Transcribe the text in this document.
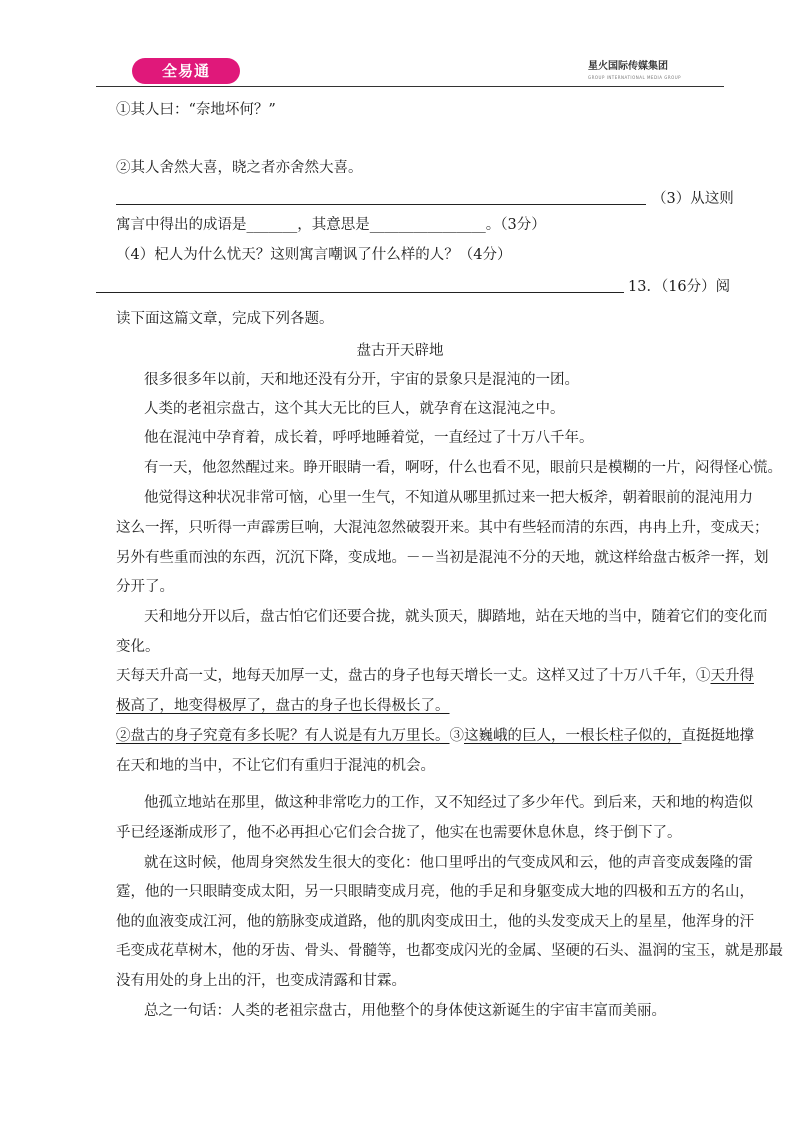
全易通	星火国际传媒集团
GROUP INTERNATIONAL MEDIA GROUP
①其人曰：“奈地坏何？”
②其人舍然大喜，晓之者亦舍然大喜。
（3）从这则
寓言中得出的成语是_______，其意思是________________。（3分）
（4）杞人为什么忧天？这则寓言嘲讽了什么样的人？（4分）
13．（16分）阅
读下面这篇文章，完成下列各题。
盘古开天辟地
很多很多年以前，天和地还没有分开，宇宙的景象只是混沌的一团。
人类的老祖宗盘古，这个其大无比的巨人，就孕育在这混沌之中。
他在混沌中孕育着，成长着，呼呼地睡着觉，一直经过了十万八千年。
有一天，他忽然醒过来。睁开眼睛一看，啊呀，什么也看不见，眼前只是模糊的一片，闷得怪心慌。
他觉得这种状况非常可恼，心里一生气，不知道从哪里抓过来一把大板斧，朝着眼前的混沌用力
这么一挥，只听得一声霹雳巨响，大混沌忽然破裂开来。其中有些轻而清的东西，冉冉上升，变成天；
另外有些重而浊的东西，沉沉下降，变成地。－－当初是混沌不分的天地，就这样给盘古板斧一挥，划
分开了。
天和地分开以后，盘古怕它们还要合拢，就头顶天，脚踏地，站在天地的当中，随着它们的变化而
变化。
天每天升高一丈，地每天加厚一丈，盘古的身子也每天增长一丈。这样又过了十万八千年，①天升得
极高了，地变得极厚了，盘古的身子也长得极长了。
②盘古的身子究竟有多长呢？有人说是有九万里长。③这巍峨的巨人，一根长柱子似的，直挺挺地撑
在天和地的当中，不让它们有重归于混沌的机会。
他孤立地站在那里，做这种非常吃力的工作，又不知经过了多少年代。到后来，天和地的构造似
乎已经逐渐成形了，他不必再担心它们会合拢了，他实在也需要休息休息，终于倒下了。
就在这时候，他周身突然发生很大的变化：他口里呼出的气变成风和云，他的声音变成轰隆的雷
霆，他的一只眼睛变成太阳，另一只眼睛变成月亮，他的手足和身躯变成大地的四极和五方的名山，
他的血液变成江河，他的筋脉变成道路，他的肌肉变成田土，他的头发变成天上的星星，他浑身的汗
毛变成花草树木，他的牙齿、骨头、骨髓等，也都变成闪光的金属、坚硬的石头、温润的宝玉，就是那最
没有用处的身上出的汗，也变成清露和甘霖。
总之一句话：人类的老祖宗盘古，用他整个的身体使这新诞生的宇宙丰富而美丽。
